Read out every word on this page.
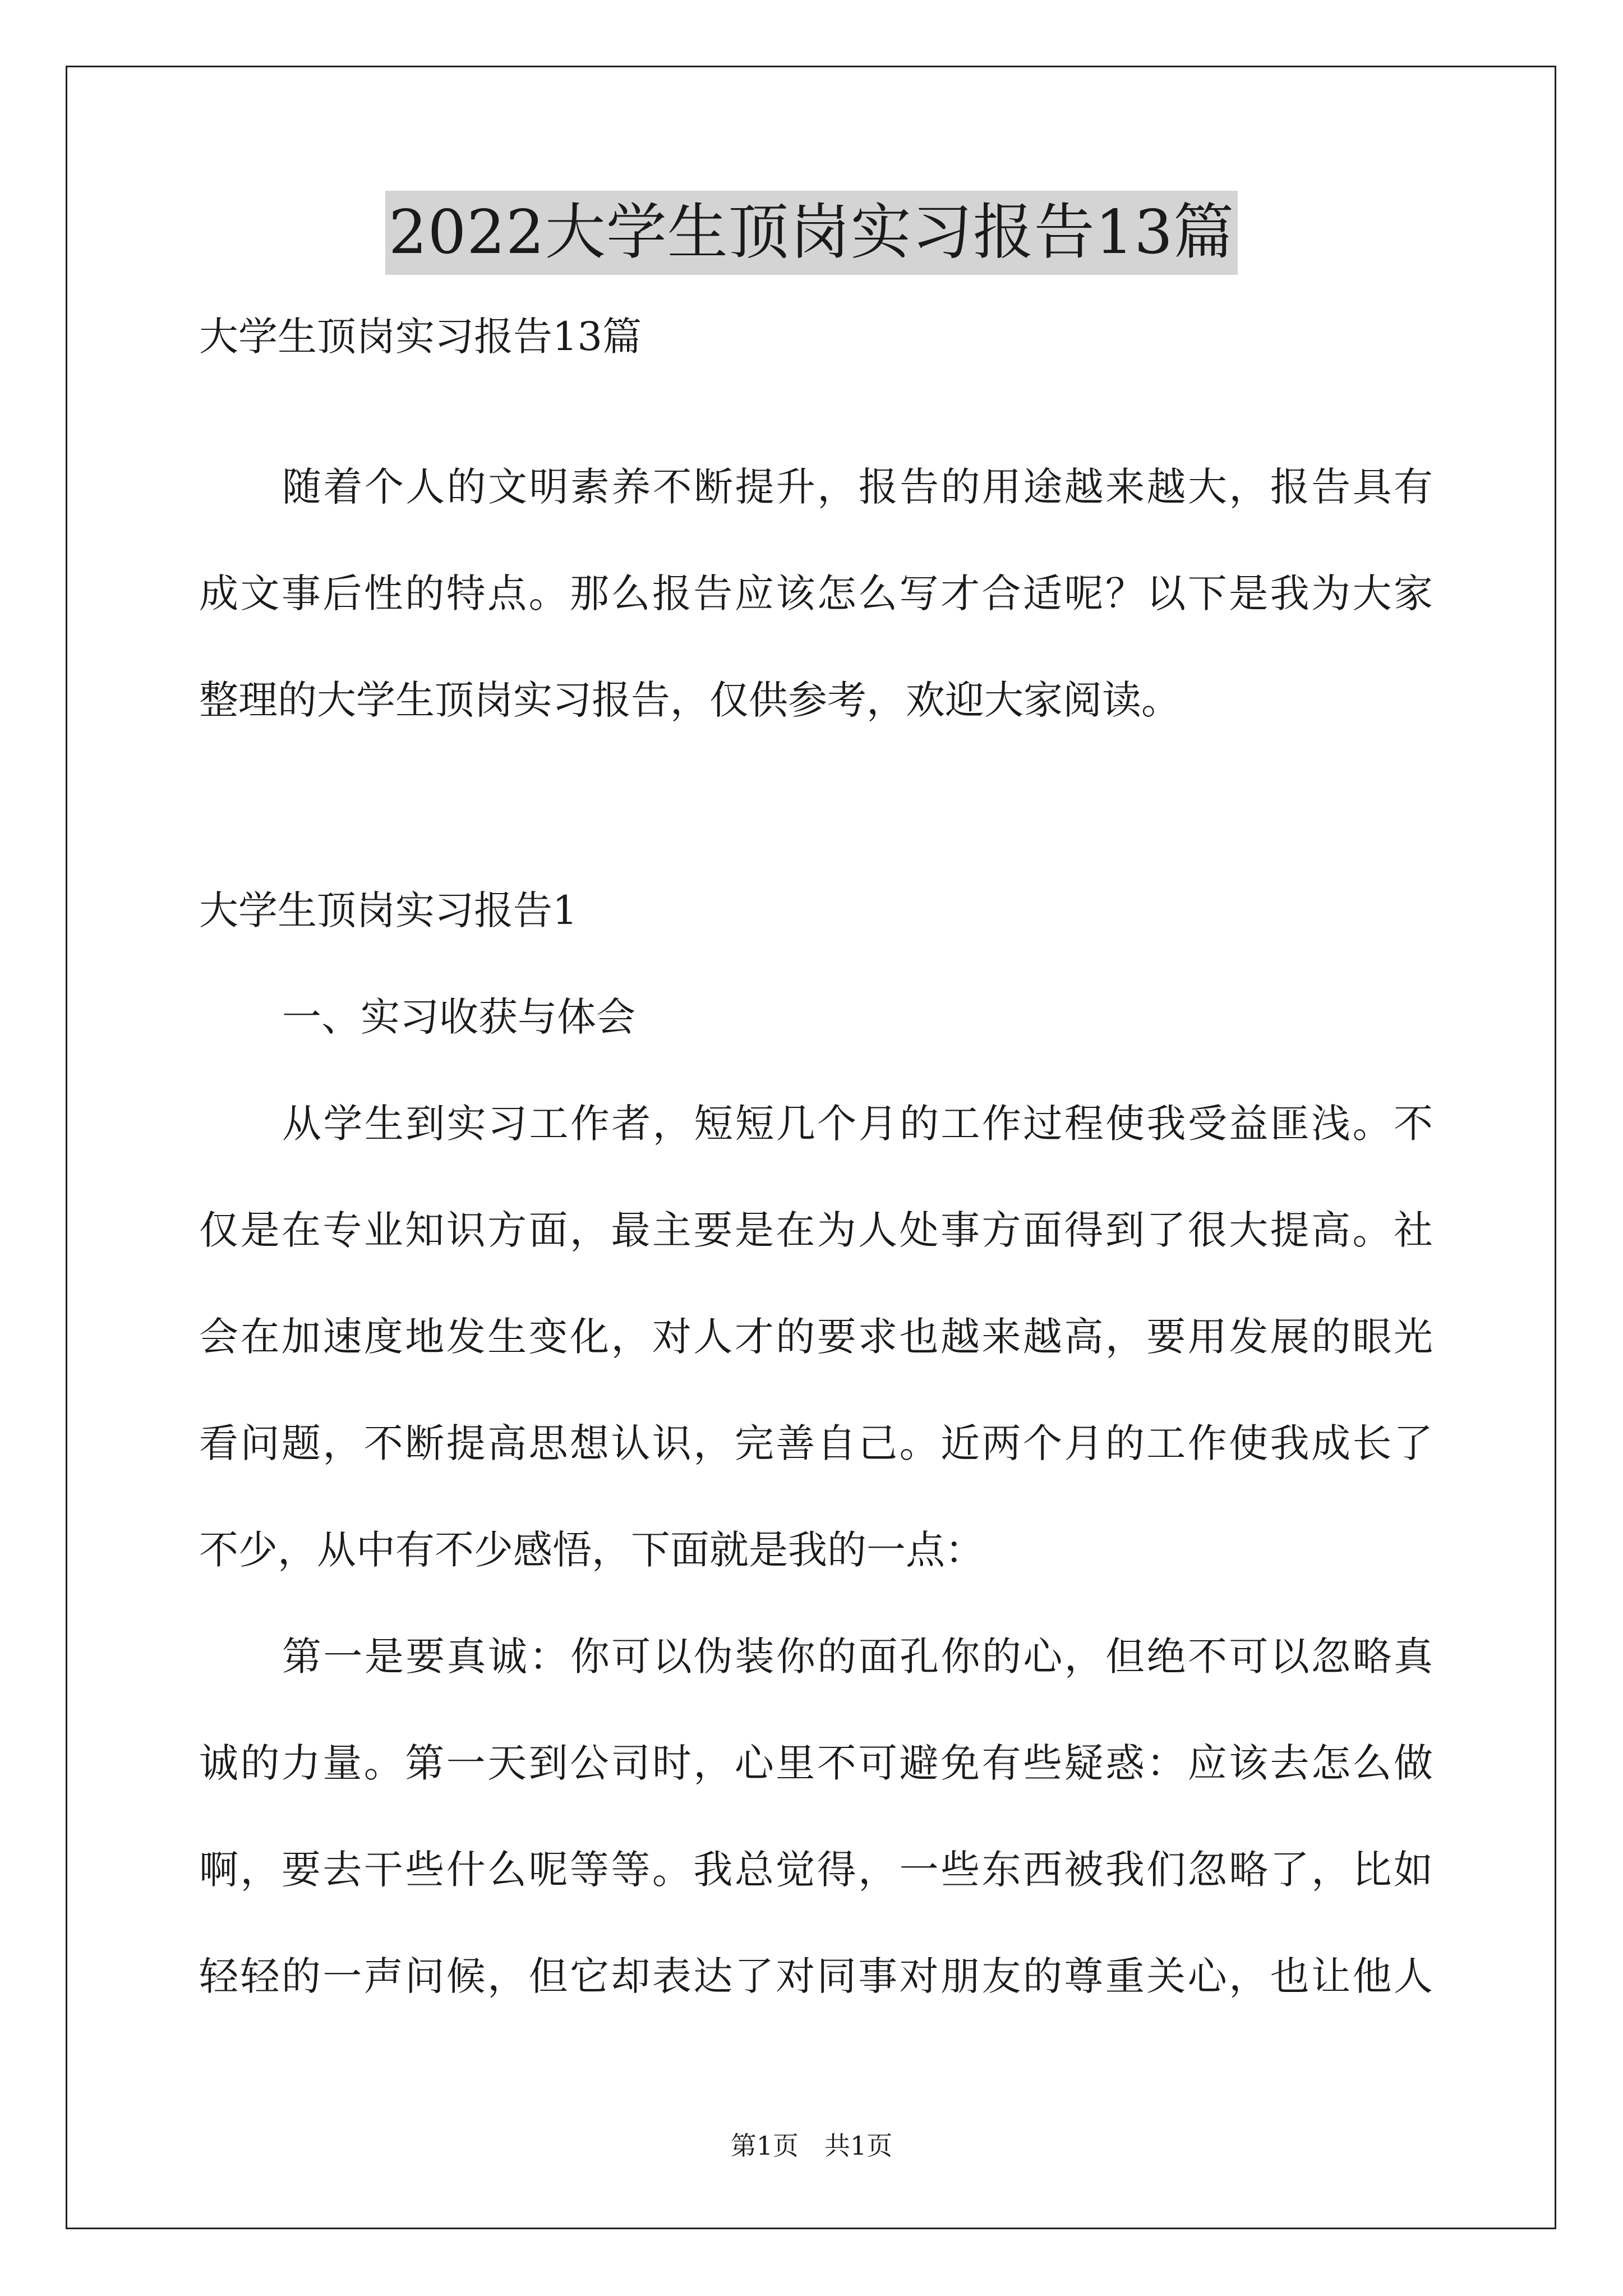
2022大学生顶岗实习报告13篇
大学生顶岗实习报告13篇
随着个人的文明素养不断提升，报告的用途越来越大，报告具有
成文事后性的特点。那么报告应该怎么写才合适呢？以下是我为大家
整理的大学生顶岗实习报告，仅供参考，欢迎大家阅读。
大学生顶岗实习报告1
一、实习收获与体会
从学生到实习工作者，短短几个月的工作过程使我受益匪浅。不
仅是在专业知识方面，最主要是在为人处事方面得到了很大提高。社
会在加速度地发生变化，对人才的要求也越来越高，要用发展的眼光
看问题，不断提高思想认识，完善自己。近两个月的工作使我成长了
不少，从中有不少感悟，下面就是我的一点：
第一是要真诚：你可以伪装你的面孔你的心，但绝不可以忽略真
诚的力量。第一天到公司时，心里不可避免有些疑惑：应该去怎么做
啊，要去干些什么呢等等。我总觉得，一些东西被我们忽略了，比如
轻轻的一声问候，但它却表达了对同事对朋友的尊重关心，也让他人
第1页　共1页
